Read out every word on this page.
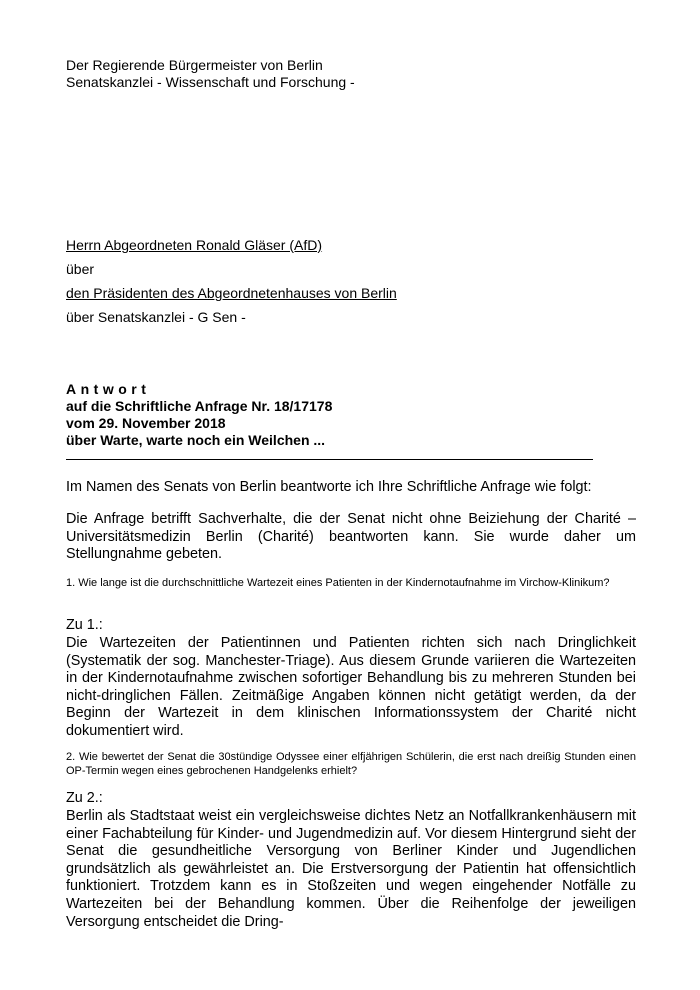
Der Regierende Bürgermeister von Berlin
Senatskanzlei - Wissenschaft und Forschung -
Herrn Abgeordneten Ronald Gläser (AfD)
über
den Präsidenten des Abgeordnetenhauses von Berlin
über Senatskanzlei - G Sen -
Antwort
auf die Schriftliche Anfrage Nr. 18/17178
vom 29. November 2018
über Warte, warte noch ein Weilchen ...

Im Namen des Senats von Berlin beantworte ich Ihre Schriftliche Anfrage wie folgt:

Die Anfrage betrifft Sachverhalte, die der Senat nicht ohne Beiziehung der Charité – Universitätsmedizin Berlin (Charité) beantworten kann. Sie wurde daher um Stellungnahme gebeten.

1. Wie lange ist die durchschnittliche Wartezeit eines Patienten in der Kindernotaufnahme im Virchow-Klinikum?

Zu 1.:

Die Wartezeiten der Patientinnen und Patienten richten sich nach Dringlichkeit (Systematik der sog. Manchester-Triage). Aus diesem Grunde variieren die Wartezeiten in der Kindernotaufnahme zwischen sofortiger Behandlung bis zu mehreren Stunden bei nicht-dringlichen Fällen. Zeitmäßige Angaben können nicht getätigt werden, da der Beginn der Wartezeit in dem klinischen Informationssystem der Charité nicht dokumentiert wird.

2. Wie bewertet der Senat die 30stündige Odyssee einer elfjährigen Schülerin, die erst nach dreißig Stunden einen OP-Termin wegen eines gebrochenen Handgelenks erhielt?

Zu 2.:

Berlin als Stadtstaat weist ein vergleichsweise dichtes Netz an Notfallkrankenhäusern mit einer Fachabteilung für Kinder- und Jugendmedizin auf. Vor diesem Hintergrund sieht der Senat die gesundheitliche Versorgung von Berliner Kinder und Jugendlichen grundsätzlich als gewährleistet an. Die Erstversorgung der Patientin hat offensichtlich funktioniert. Trotzdem kann es in Stoßzeiten und wegen eingehender Notfälle zu Wartezeiten bei der Behandlung kommen. Über die Reihenfolge der jeweiligen Versorgung entscheidet die Dring-
